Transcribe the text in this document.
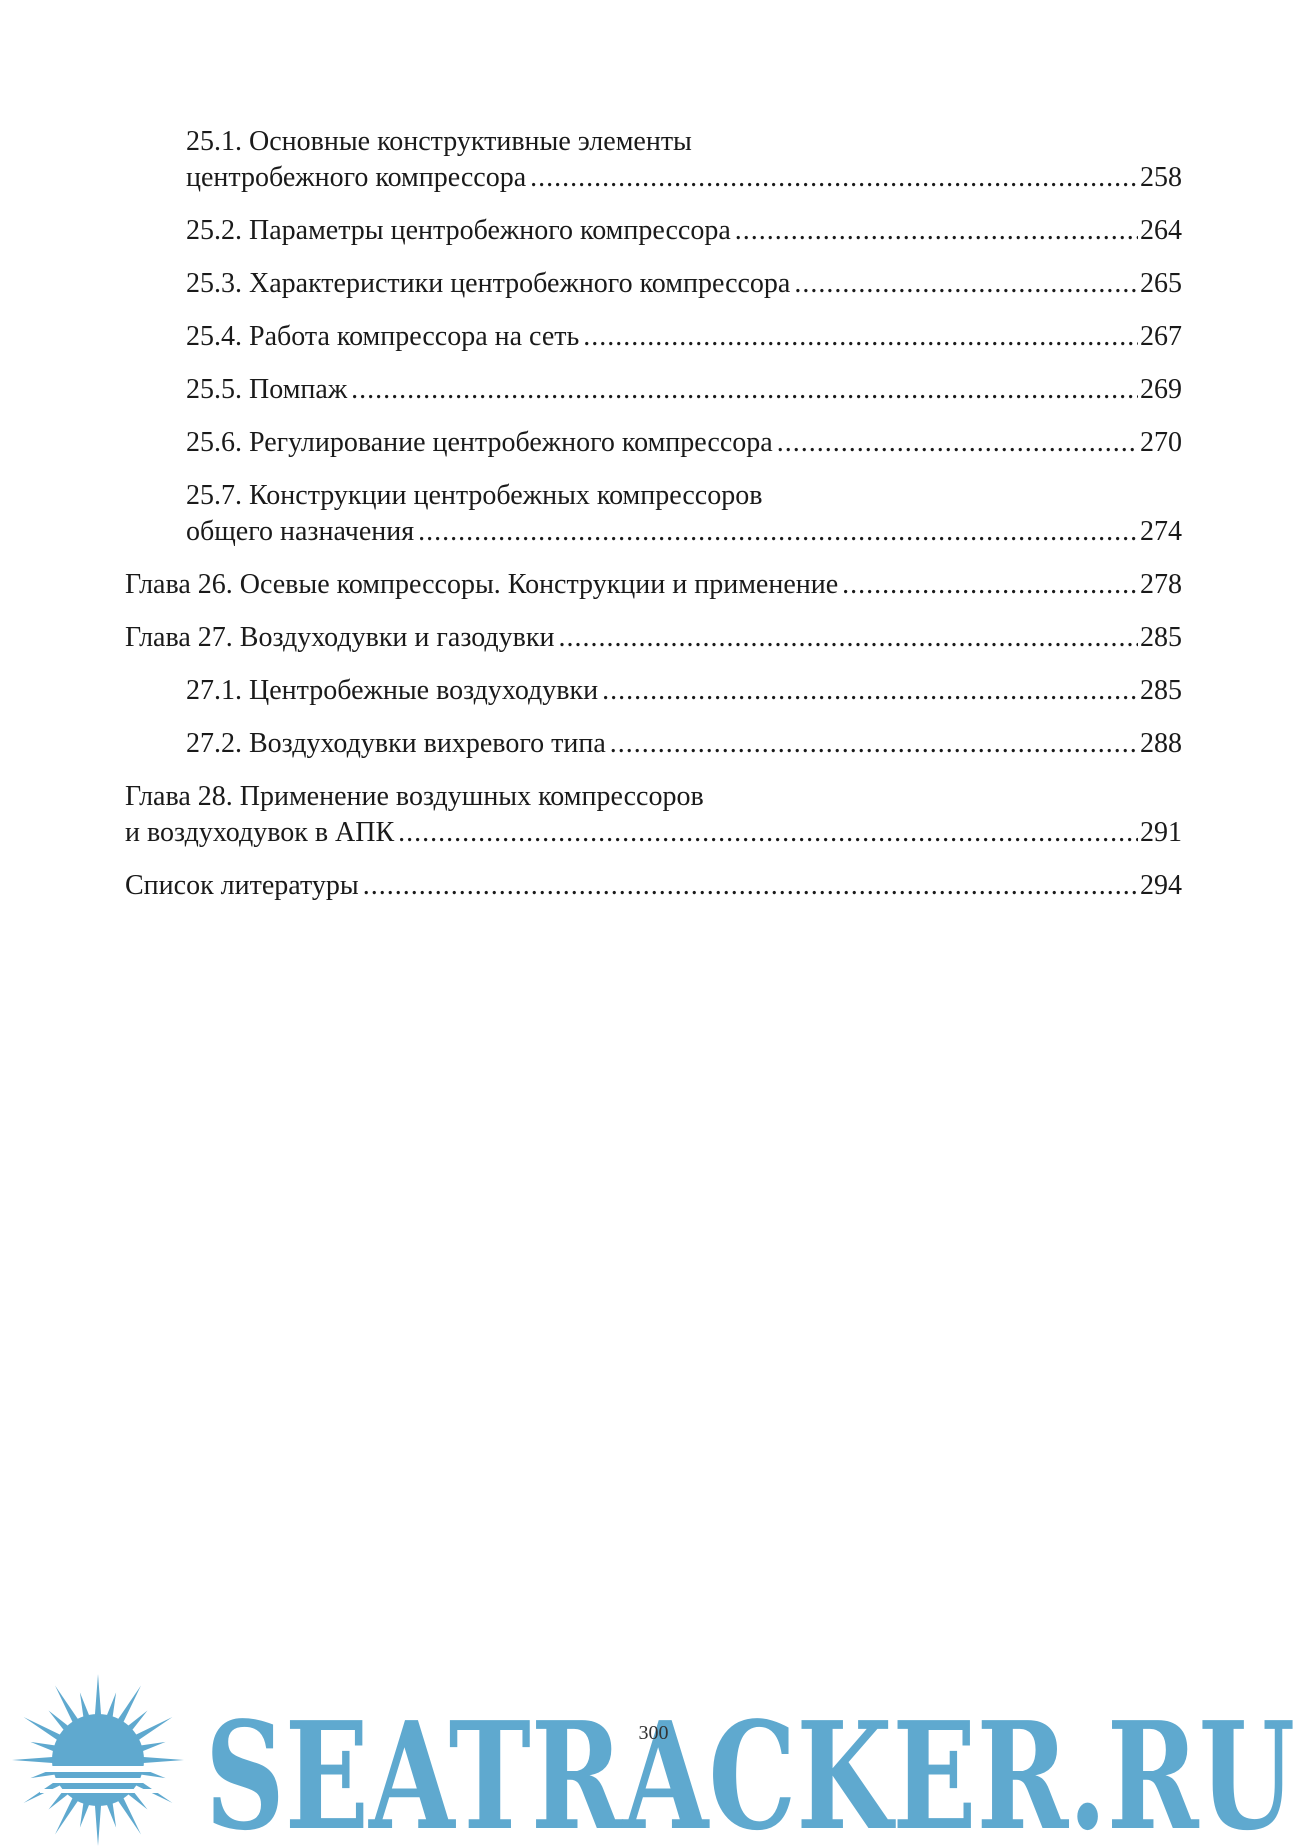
25.1. Основные конструктивные элементы
центробежного компрессора .....	258
25.2. Параметры центробежного компрессора .....	264
25.3. Характеристики центробежного компрессора .....	265
25.4. Работа компрессора на сеть .....	267
25.5. Помпаж .....	269
25.6. Регулирование центробежного компрессора .....	270
25.7. Конструкции центробежных компрессоров
общего назначения .....	274
Глава 26. Осевые компрессоры. Конструкции и применение .....	278
Глава 27. Воздуходувки и газодувки .....	285
27.1. Центробежные воздуходувки .....	285
27.2. Воздуходувки вихревого типа .....	288
Глава 28. Применение воздушных компрессоров
и воздуходувок в АПК .....	291
Список литературы .....	294
SEATRACKER.RU
300
